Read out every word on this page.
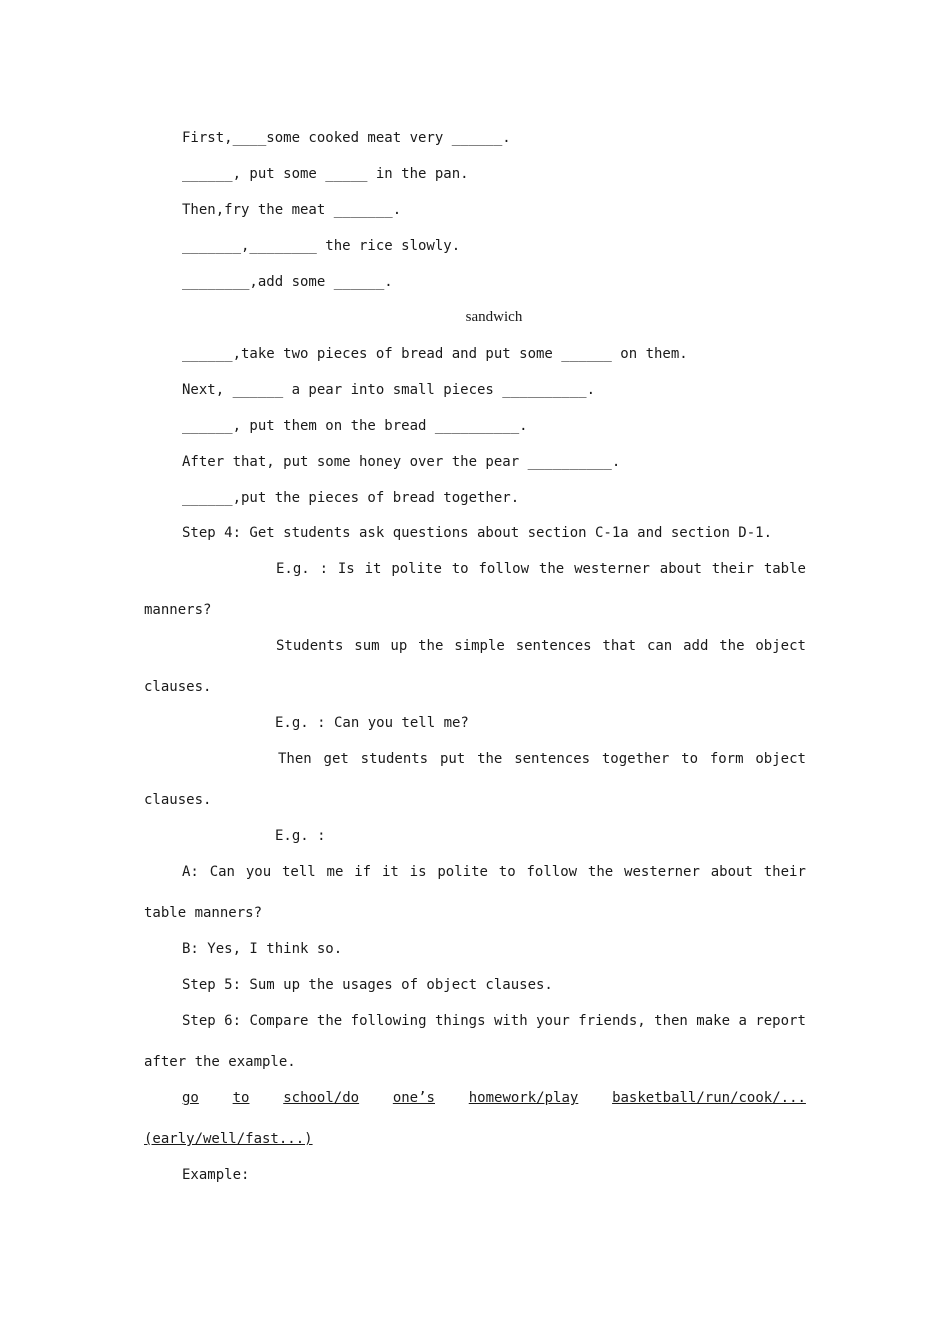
First,____some cooked meat very ______.
______, put some _____ in the pan.
Then,fry the meat _______.
_______,________ the rice slowly.
________,add some ______.
sandwich
______,take two pieces of bread and put some ______ on them.
Next, ______ a pear into small pieces __________.
______, put them on the bread __________.
After that, put some honey over the pear __________.
______,put the pieces of bread together.
Step 4: Get students ask questions about section C-1a and section D-1.
E.g. : Is it polite to follow the westerner about their table
manners?
Students sum up the simple sentences that can add the object
clauses.
E.g. : Can you tell me?
Then get students put the sentences together to form object
clauses.
E.g. :
A: Can you tell me if it is polite to follow the westerner about their
table manners?
B: Yes, I think so.
Step 5: Sum up the usages of object clauses.
Step 6: Compare the following things with your friends, then make a report
after the example.
go to school/do one’s homework/play basketball/run/cook/...
(early/well/fast...)
Example:
